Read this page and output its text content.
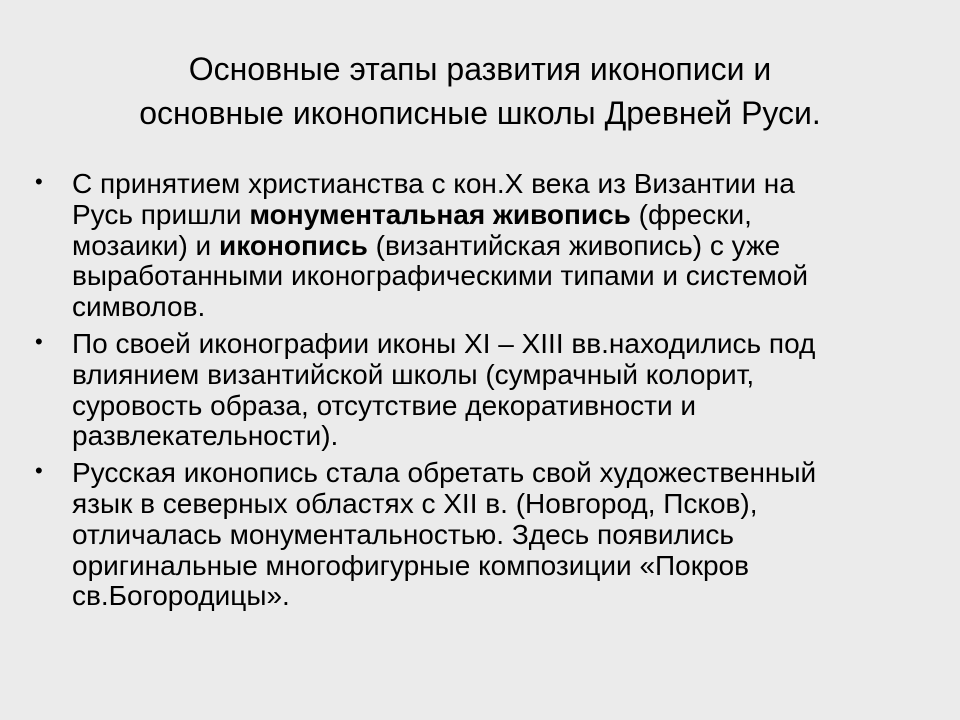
Основные этапы развития иконописи и
основные иконописные школы Древней Руси.
• С принятием христианства с кон.Х века из Византии на
Русь пришли монументальная живопись (фрески,
мозаики) и иконопись (византийская живопись) с уже
выработанными иконографическими типами и системой
символов.
• По своей иконографии иконы XI – XIII вв.находились под
влиянием византийской школы (сумрачный колорит,
суровость образа, отсутствие декоративности и
развлекательности).
• Русская иконопись стала обретать свой художественный
язык в северных областях с XII в. (Новгород, Псков),
отличалась монументальностью. Здесь появились
оригинальные многофигурные композиции «Покров
св.Богородицы».
